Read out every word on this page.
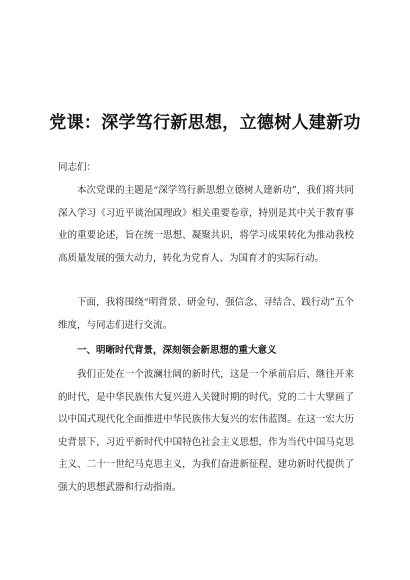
党课：深学笃行新思想，立德树人建新功

同志们：

本次党课的主题是“深学笃行新思想立德树人建新功”，我们将共同深入学习《习近平谈治国理政》相关重要卷章，特别是其中关于教育事业的重要论述，旨在统一思想、凝聚共识，将学习成果转化为推动我校高质量发展的强大动力，转化为党育人、为国育才的实际行动。

下面，我将围绕“明背景、研金句、强信念、寻结合、践行动”五个维度，与同志们进行交流。

一、明晰时代背景，深刻领会新思想的重大意义

我们正处在一个波澜壮阔的新时代，这是一个承前启后、继往开来的时代，是中华民族伟大复兴进入关键时期的时代。党的二十大擘画了以中国式现代化全面推进中华民族伟大复兴的宏伟蓝图。在这一宏大历史背景下，习近平新时代中国特色社会主义思想，作为当代中国马克思主义、二十一世纪马克思主义，为我们奋进新征程、建功新时代提供了强大的思想武器和行动指南。
